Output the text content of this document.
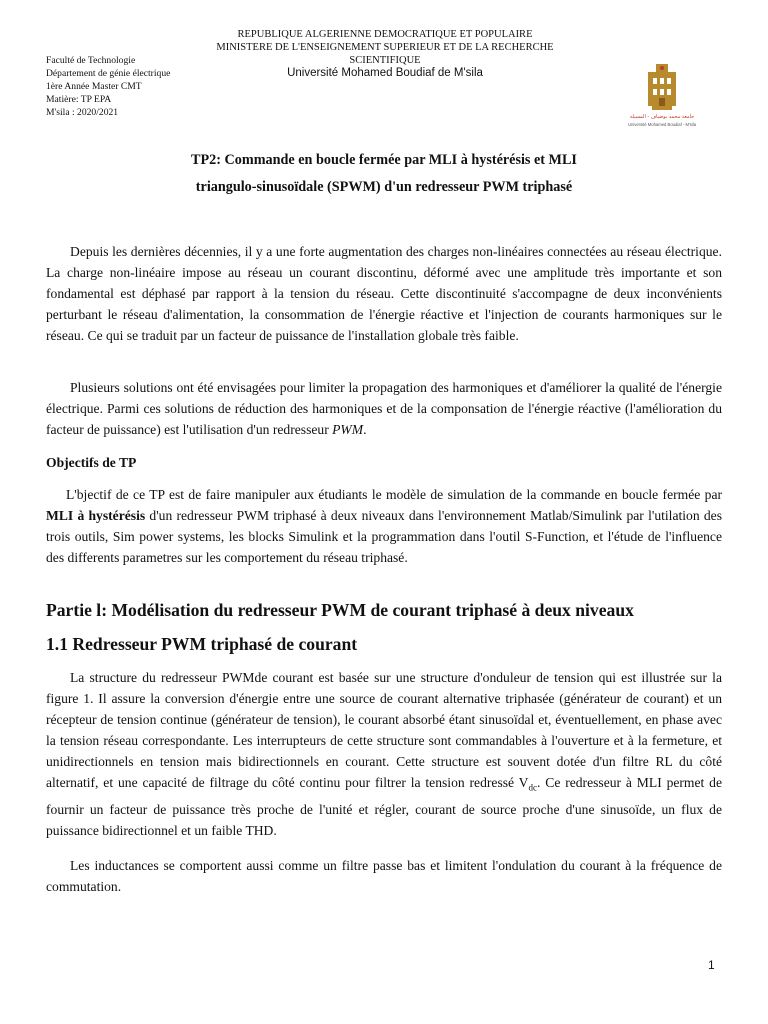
REPUBLIQUE ALGERIENNE DEMOCRATIQUE ET POPULAIRE
MINISTERE DE L'ENSEIGNEMENT SUPERIEUR ET DE LA RECHERCHE
SCIENTIFIQUE
Université Mohamed Boudiaf de M'sila
Faculté de Technologie
Département de génie électrique
1ère Année Master CMT
Matière: TP EPA
M'sila : 2020/2021	جامعة محمد بوضياف - المسيلة
Université Mohamed Boudiaf - M'sila
TP2: Commande en boucle fermée par MLI à hystérésis et MLI
triangulo-sinusoïdale (SPWM) d'un redresseur PWM triphasé

Depuis les dernières décennies, il y a une forte augmentation des charges non-linéaires connectées au réseau électrique. La charge non-linéaire impose au réseau un courant discontinu, déformé avec une amplitude très importante et son fondamental est déphasé par rapport à la tension du réseau. Cette discontinuité s'accompagne de deux inconvénients perturbant le réseau d'alimentation, la consommation de l'énergie réactive et l'injection de courants harmoniques sur le réseau. Ce qui se traduit par un facteur de puissance de l'installation globale très faible.

Plusieurs solutions ont été envisagées pour limiter la propagation des harmoniques et d'améliorer la qualité de l'énergie électrique. Parmi ces solutions de réduction des harmoniques et de la componsation de l'énergie réactive (l'amélioration du facteur de puissance) est l'utilisation d'un redresseur PWM.

Objectifs de TP

L'bjectif de ce TP est de faire manipuler aux étudiants le modèle de simulation de la commande en boucle fermée par MLI à hystérésis d'un redresseur PWM triphasé à deux niveaux dans l'environnement Matlab/Simulink par l'utilation des trois outils, Sim power systems, les blocks Simulink et la programmation dans l'outil S-Function, et l'étude de l'influence des differents parametres sur les comportement du réseau triphasé.

Partie l: Modélisation du redresseur PWM de courant triphasé à deux niveaux
1.1 Redresseur PWM triphasé de courant

La structure du redresseur PWMde courant est basée sur une structure d'onduleur de tension qui est illustrée sur la figure 1. Il assure la conversion d'énergie entre une source de courant alternative triphasée (générateur de courant) et un récepteur de tension continue (générateur de tension), le courant absorbé étant sinusoïdal et, éventuellement, en phase avec la tension réseau correspondante. Les interrupteurs de cette structure sont commandables à l'ouverture et à la fermeture, et unidirectionnels en tension mais bidirectionnels en courant. Cette structure est souvent dotée d'un filtre RL du côté alternatif, et une capacité de filtrage du côté continu pour filtrer la tension redressé $V_{dc}$. Ce redresseur à MLI permet de fournir un facteur de puissance très proche de l'unité et régler, courant de source proche d'une sinusoïde, un flux de puissance bidirectionnel et un faible THD.

Les inductances se comportent aussi comme un filtre passe bas et limitent l'ondulation du courant à la fréquence de commutation.

1
